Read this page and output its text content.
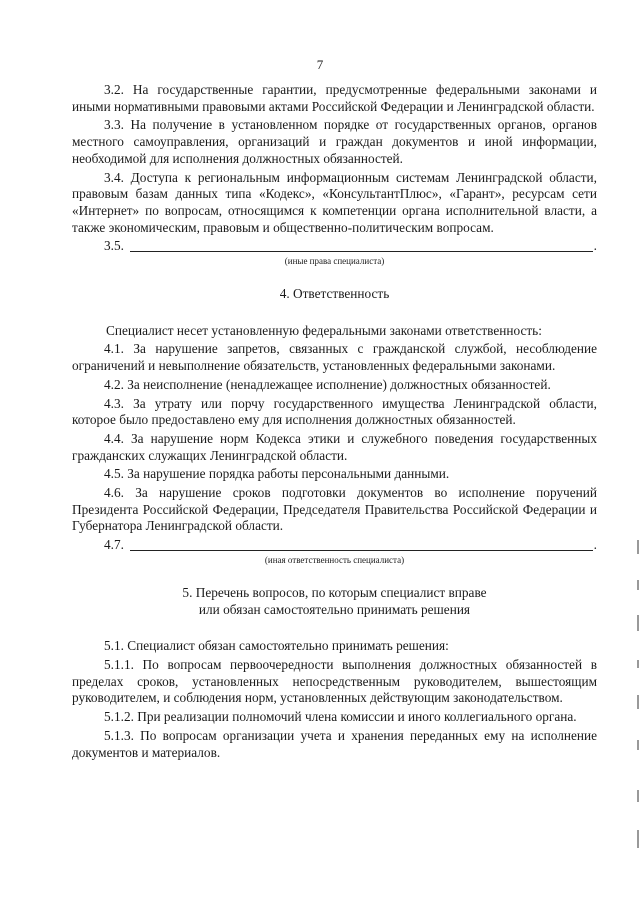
7

3.2. На государственные гарантии, предусмотренные федеральными законами и иными нормативными правовыми актами Российской Федерации и Ленинградской области.

3.3. На получение в установленном порядке от государственных органов, органов местного самоуправления, организаций и граждан документов и иной информации, необходимой для исполнения должностных обязанностей.

3.4. Доступа к региональным информационным системам Ленинградской области, правовым базам данных типа «Кодекс», «КонсультантПлюс», «Гарант», ресурсам сети «Интернет» по вопросам, относящимся к компетенции органа исполнительной власти, а также экономическим, правовым и общественно-политическим вопросам.

3.5.	.
(иные права специалиста)

4. Ответственность

Специалист несет установленную федеральными законами ответственность:

4.1. За нарушение запретов, связанных с гражданской службой, несоблюдение ограничений и невыполнение обязательств, установленных федеральными законами.

4.2. За неисполнение (ненадлежащее исполнение) должностных обязанностей.

4.3. За утрату или порчу государственного имущества Ленинградской области, которое было предоставлено ему для исполнения должностных обязанностей.

4.4. За нарушение норм Кодекса этики и служебного поведения государственных гражданских служащих Ленинградской области.

4.5. За нарушение порядка работы персональными данными.

4.6. За нарушение сроков подготовки документов во исполнение поручений Президента Российской Федерации, Председателя Правительства Российской Федерации и Губернатора Ленинградской области.

4.7.	.
(иная ответственность специалиста)

5. Перечень вопросов, по которым специалист вправе

или обязан самостоятельно принимать решения

5.1. Специалист обязан самостоятельно принимать решения:

5.1.1. По вопросам первоочередности выполнения должностных обязанностей в пределах сроков, установленных непосредственным руководителем, вышестоящим руководителем, и соблюдения норм, установленных действующим законодательством.

5.1.2. При реализации полномочий члена комиссии и иного коллегиального органа.

5.1.3. По вопросам организации учета и хранения переданных ему на исполнение документов и материалов.
